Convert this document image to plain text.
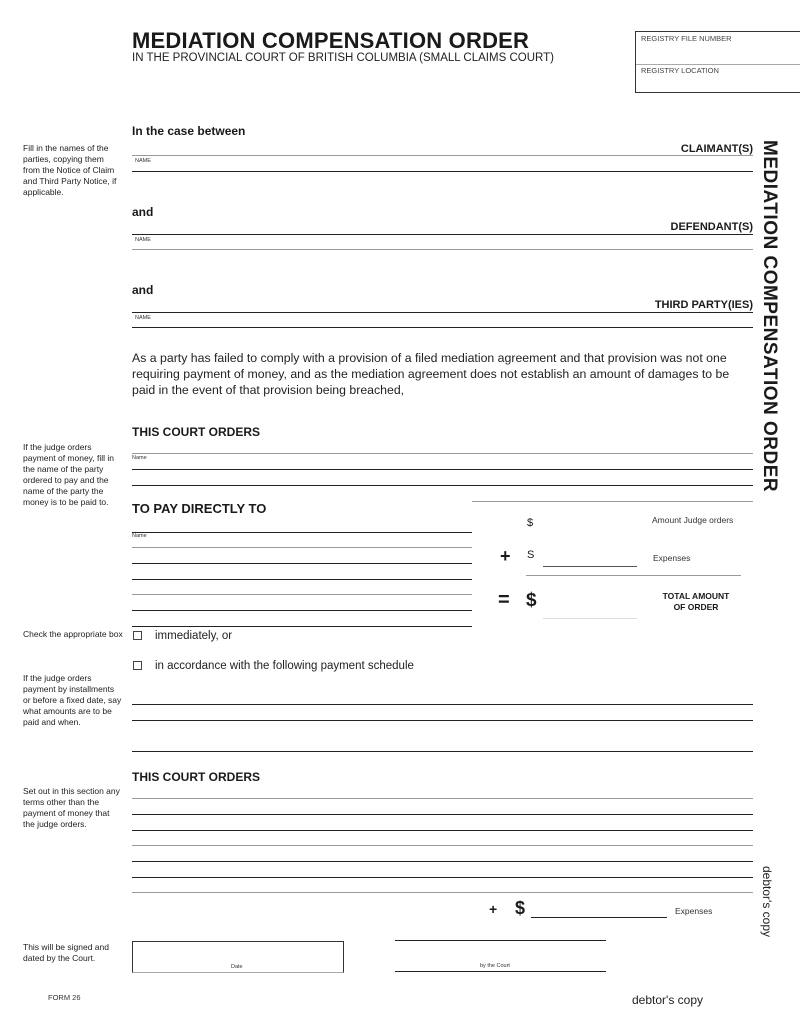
MEDIATION COMPENSATION ORDER
IN THE PROVINCIAL COURT OF BRITISH COLUMBIA (SMALL CLAIMS COURT)
REGISTRY FILE NUMBER
REGISTRY LOCATION
MEDIATION COMPENSATION ORDER
In the case between
Fill in the names of the parties, copying them from the Notice of Claim and Third Party Notice, if applicable.
CLAIMANT(S)
NAME
and
DEFENDANT(S)
NAME
and
THIRD PARTY(IES)
NAME
As a party has failed to comply with a provision of a filed mediation agreement and that provision was not one requiring payment of money, and as the mediation agreement does not establish an amount of damages to be paid in the event of that provision being breached,
THIS COURT ORDERS
If the judge orders payment of money, fill in the name of the party ordered to pay and the name of the party the money is to be paid to.
Name
TO PAY DIRECTLY TO
Name
$	Amount Judge orders
+ S	Expenses
= $	TOTAL AMOUNT
OF ORDER
Check the appropriate box	immediately, or
in accordance with the following payment schedule
If the judge orders payment by installments or before a fixed date, say what amounts are to be paid and when.
THIS COURT ORDERS
Set out in this section any terms other than the payment of money that the judge orders.
+ $	Expenses	debtor's copy
This will be signed and dated by the Court.
Date	by the Court
FORM 26	debtor's copy
